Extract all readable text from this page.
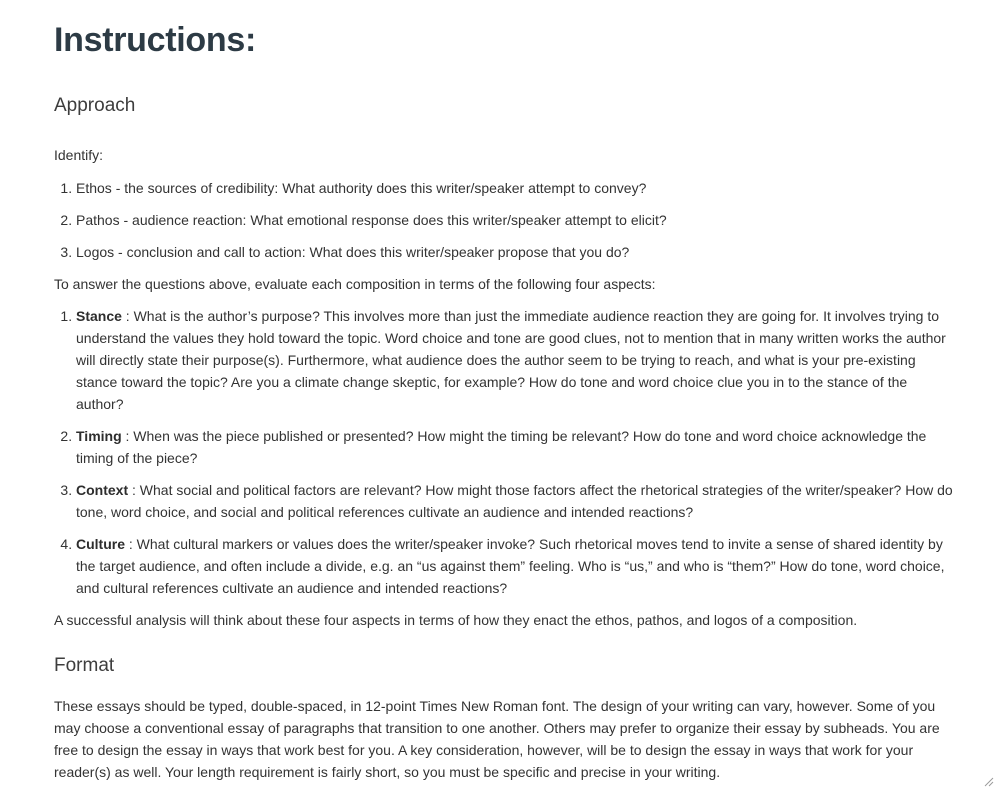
Instructions:
Approach

Identify:

1. Ethos - the sources of credibility: What authority does this writer/speaker attempt to convey?
2. Pathos - audience reaction: What emotional response does this writer/speaker attempt to elicit?
3. Logos - conclusion and call to action: What does this writer/speaker propose that you do?

To answer the questions above, evaluate each composition in terms of the following four aspects:

1. Stance : What is the author’s purpose? This involves more than just the immediate audience reaction they are going for. It involves trying to understand the values they hold toward the topic. Word choice and tone are good clues, not to mention that in many written works the author will directly state their purpose(s). Furthermore, what audience does the author seem to be trying to reach, and what is your pre-existing stance toward the topic? Are you a climate change skeptic, for example? How do tone and word choice clue you in to the stance of the author?
2. Timing : When was the piece published or presented? How might the timing be relevant? How do tone and word choice acknowledge the timing of the piece?
3. Context : What social and political factors are relevant? How might those factors affect the rhetorical strategies of the writer/speaker? How do tone, word choice, and social and political references cultivate an audience and intended reactions?
4. Culture : What cultural markers or values does the writer/speaker invoke? Such rhetorical moves tend to invite a sense of shared identity by the target audience, and often include a divide, e.g. an “us against them” feeling. Who is “us,” and who is “them?” How do tone, word choice, and cultural references cultivate an audience and intended reactions?

A successful analysis will think about these four aspects in terms of how they enact the ethos, pathos, and logos of a composition.

Format

These essays should be typed, double-spaced, in 12-point Times New Roman font. The design of your writing can vary, however. Some of you may choose a conventional essay of paragraphs that transition to one another. Others may prefer to organize their essay by subheads. You are free to design the essay in ways that work best for you. A key consideration, however, will be to design the essay in ways that work for your reader(s) as well. Your length requirement is fairly short, so you must be specific and precise in your writing.
